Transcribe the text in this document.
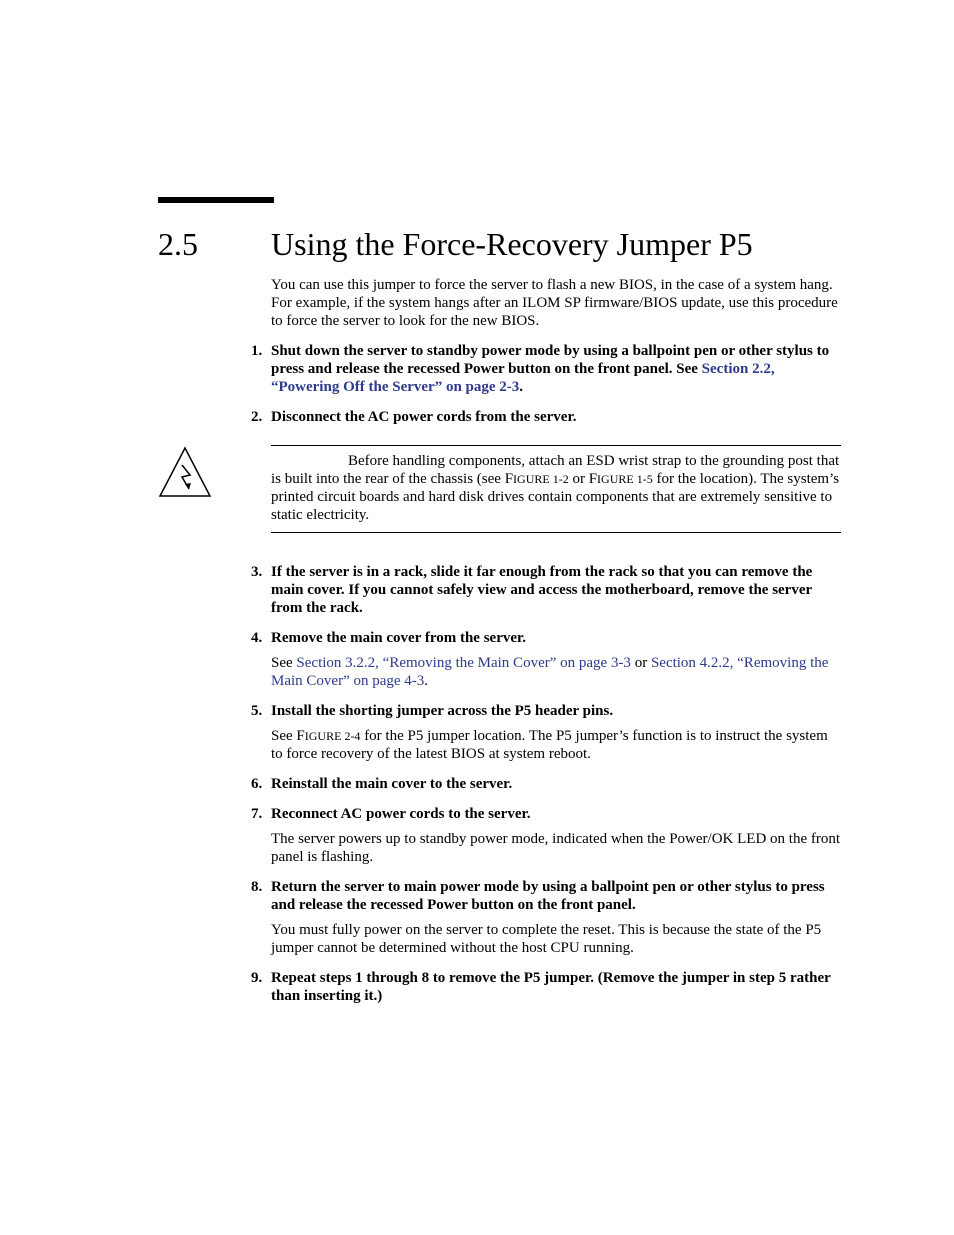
2.5 Using the Force-Recovery Jumper P5

You can use this jumper to force the server to flash a new BIOS, in the case of a system hang. For example, if the system hangs after an ILOM SP firmware/BIOS update, use this procedure to force the server to look for the new BIOS.

1. Shut down the server to standby power mode by using a ballpoint pen or other stylus to press and release the recessed Power button on the front panel. See Section 2.2, “Powering Off the Server” on page 2-3.
2. Disconnect the AC power cords from the server.

Before handling components, attach an ESD wrist strap to the grounding post that is built into the rear of the chassis (see FIGURE 1-2 or FIGURE 1-5 for the location). The system’s printed circuit boards and hard disk drives contain components that are extremely sensitive to static electricity.

3. If the server is in a rack, slide it far enough from the rack so that you can remove the main cover. If you cannot safely view and access the motherboard, remove the server from the rack.
4. Remove the main cover from the server.

See Section 3.2.2, “Removing the Main Cover” on page 3-3 or Section 4.2.2, “Removing the Main Cover” on page 4-3.

5. Install the shorting jumper across the P5 header pins.

See FIGURE 2-4 for the P5 jumper location. The P5 jumper’s function is to instruct the system to force recovery of the latest BIOS at system reboot.

6. Reinstall the main cover to the server.
7. Reconnect AC power cords to the server.

The server powers up to standby power mode, indicated when the Power/OK LED on the front panel is flashing.

8. Return the server to main power mode by using a ballpoint pen or other stylus to press and release the recessed Power button on the front panel.

You must fully power on the server to complete the reset. This is because the state of the P5 jumper cannot be determined without the host CPU running.

9. Repeat steps 1 through 8 to remove the P5 jumper. (Remove the jumper in step 5 rather than inserting it.)
